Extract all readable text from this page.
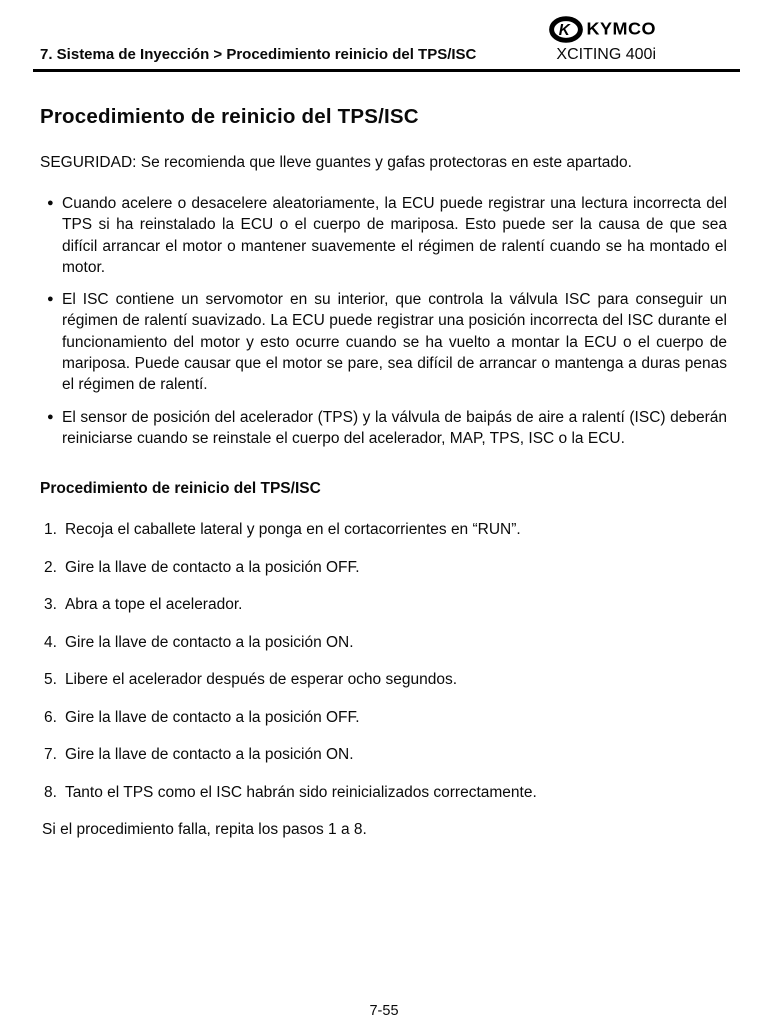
K KYMCO
7. Sistema de Inyección > Procedimiento reinicio del TPS/ISC	XCITING 400i
Procedimiento de reinicio del TPS/ISC

SEGURIDAD: Se recomienda que lleve guantes y gafas protectoras en este apartado.

● Cuando acelere o desacelere aleatoriamente, la ECU puede registrar una lectura incorrecta del TPS si ha reinstalado la ECU o el cuerpo de mariposa. Esto puede ser la causa de que sea difícil arrancar el motor o mantener suavemente el régimen de ralentí cuando se ha montado el motor.

● El ISC contiene un servomotor en su interior, que controla la válvula ISC para conseguir un régimen de ralentí suavizado. La ECU puede registrar una posición incorrecta del ISC durante el funcionamiento del motor y esto ocurre cuando se ha vuelto a montar la ECU o el cuerpo de mariposa. Puede causar que el motor se pare, sea difícil de arrancar o mantenga a duras penas el régimen de ralentí.

● El sensor de posición del acelerador (TPS) y la válvula de baipás de aire a ralentí (ISC) deberán reiniciarse cuando se reinstale el cuerpo del acelerador, MAP, TPS, ISC o la ECU.

Procedimiento de reinicio del TPS/ISC
1. Recoja el caballete lateral y ponga en el cortacorrientes en “RUN”.
2. Gire la llave de contacto a la posición OFF.
3. Abra a tope el acelerador.
4. Gire la llave de contacto a la posición ON.
5. Libere el acelerador después de esperar ocho segundos.
6. Gire la llave de contacto a la posición OFF.
7. Gire la llave de contacto a la posición ON.
8. Tanto el TPS como el ISC habrán sido reinicializados correctamente.

Si el procedimiento falla, repita los pasos 1 a 8.

7-55
